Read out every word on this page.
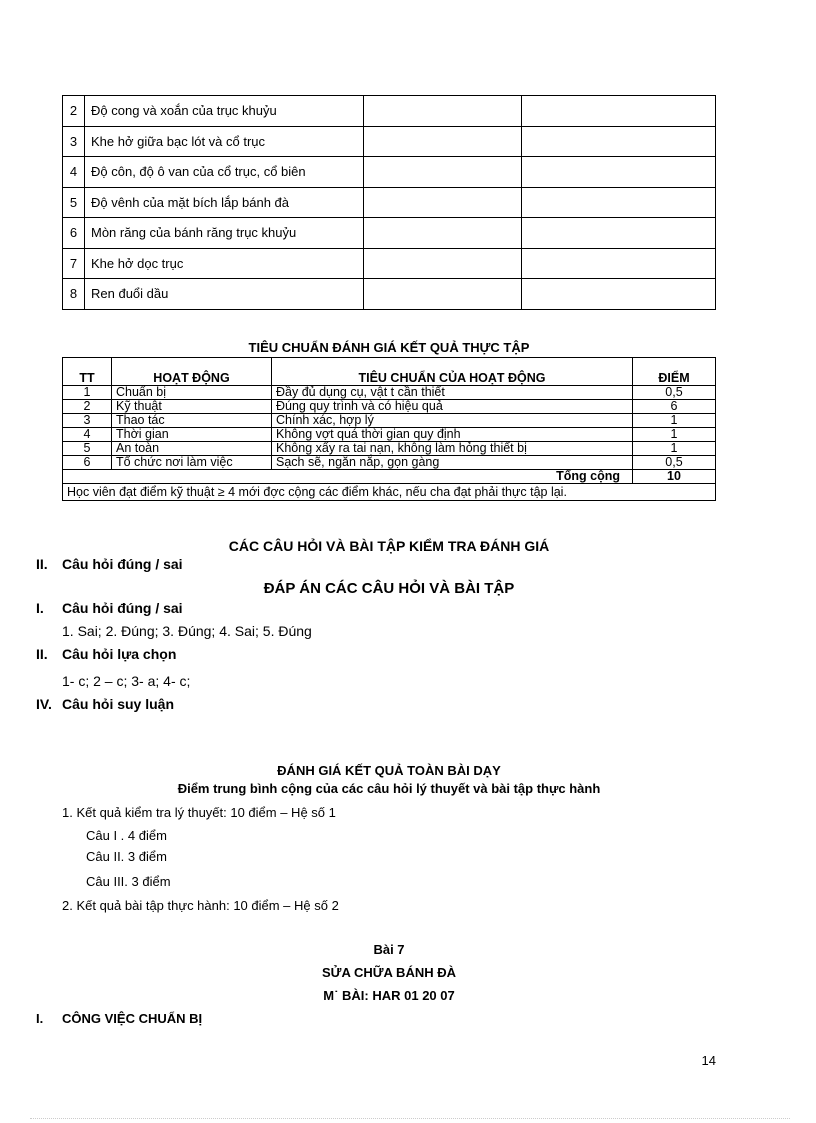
2	Độ cong và xoắn của trục khuỷu		
3	Khe hở giữa bạc lót và cổ trục		
4	Độ côn, độ ô van của cổ trục, cổ biên		
5	Độ vênh của mặt bích lắp bánh đà		
6	Mòn răng của bánh răng trục khuỷu		
7	Khe hở dọc trục		
8	Ren đuổi dầu		
TIÊU CHUẨN ĐÁNH GIÁ KẾT QUẢ THỰC TẬP
TT	HOẠT ĐỘNG	TIÊU CHUẨN CỦA HOẠT ĐỘNG	ĐIỂM
1	Chuẩn bị	Đầy đủ dụng cụ, vật t cần thiết	0,5
2	Kỹ thuật	Đúng quy trình và có hiệu quả	6
3	Thao tác	Chính xác, hợp lý	1
4	Thời gian	Không vợt quá thời gian quy định	1
5	An toàn	Không xẩy ra tai nạn, không làm hỏng thiết bị	1
6	Tổ chức nơi làm việc	Sạch sẽ, ngăn nắp, gọn gàng	0,5
Tổng cộng			10
Học viên đạt điểm kỹ thuật ≥ 4 mới đợc cộng các điểm khác, nếu cha đạt phải thực tập lại.			
CÁC CÂU HỎI VÀ BÀI TẬP KIỂM TRA ĐÁNH GIÁ
II. Câu hỏi đúng / sai
ĐÁP ÁN CÁC CÂU HỎI VÀ BÀI TẬP
I. Câu hỏi đúng / sai
1. Sai; 2. Đúng; 3. Đúng; 4. Sai; 5. Đúng
II. Câu hỏi lựa chọn
1- c; 2 – c; 3- a; 4- c;
IV. Câu hỏi suy luận
ĐÁNH GIÁ KẾT QUẢ TOÀN BÀI DẠY
Điểm trung bình cộng của các câu hỏi lý thuyết và bài tập thực hành
1. Kết quả kiểm tra lý thuyết: 10 điểm – Hệ số 1
Câu I . 4 điểm
Câu II. 3 điểm
Câu III. 3 điểm
2. Kết quả bài tập thực hành: 10 điểm – Hệ số 2
Bài 7
SỬA CHỮA BÁNH ĐÀ
M˙ BÀI: HAR 01 20 07
I. CÔNG VIỆC CHUẨN BỊ
14
